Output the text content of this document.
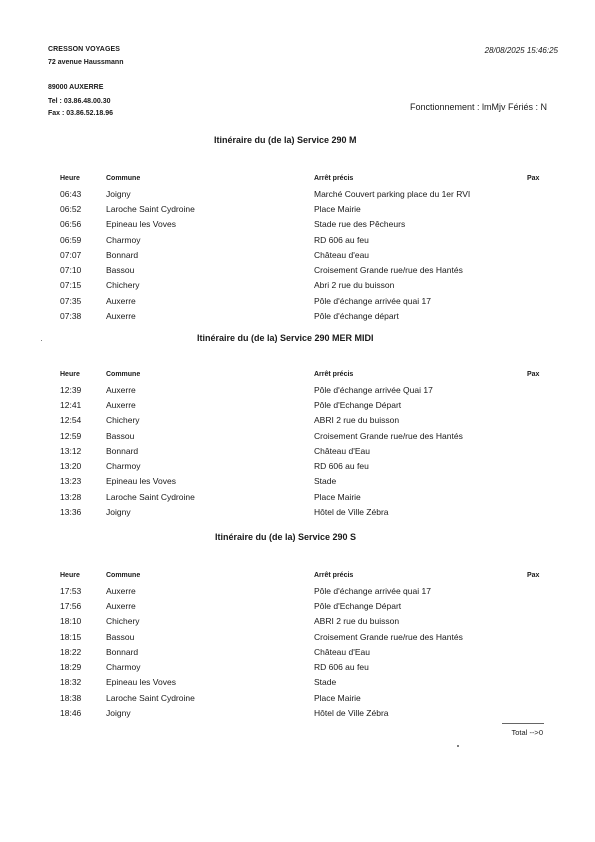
CRESSON VOYAGES
72 avenue Haussmann
89000 AUXERRE
Tel : 03.86.48.00.30
Fax : 03.86.52.18.96
28/08/2025 15:46:25
Fonctionnement : lmMjv Fériés : N
Itinéraire du (de la) Service 290 M
Heure	Commune	Arrêt précis	Pax
06:43	Joigny	Marché Couvert parking place du 1er RVI	
06:52	Laroche Saint Cydroine	Place Mairie	
06:56	Epineau les Voves	Stade rue des Pêcheurs	
06:59	Charmoy	RD 606 au feu	
07:07	Bonnard	Château d'eau	
07:10	Bassou	Croisement Grande rue/rue des Hantés	
07:15	Chichery	Abri 2 rue du buisson	
07:35	Auxerre	Pôle d'échange arrivée quai 17	
07:38	Auxerre	Pôle d'échange départ	
Itinéraire du (de la) Service 290 MER MIDI
Heure	Commune	Arrêt précis	Pax
12:39	Auxerre	Pôle d'échange arrivée Quai 17	
12:41	Auxerre	Pôle d'Echange Départ	
12:54	Chichery	ABRI 2 rue du buisson	
12:59	Bassou	Croisement Grande rue/rue des Hantés	
13:12	Bonnard	Château d'Eau	
13:20	Charmoy	RD 606 au feu	
13:23	Epineau les Voves	Stade	
13:28	Laroche Saint Cydroine	Place Mairie	
13:36	Joigny	Hôtel de Ville Zébra	
Itinéraire du (de la) Service 290 S
Heure	Commune	Arrêt précis	Pax
17:53	Auxerre	Pôle d'échange arrivée quai 17	
17:56	Auxerre	Pôle d'Echange Départ	
18:10	Chichery	ABRI 2 rue du buisson	
18:15	Bassou	Croisement Grande rue/rue des Hantés	
18:22	Bonnard	Château d'Eau	
18:29	Charmoy	RD 606 au feu	
18:32	Epineau les Voves	Stade	
18:38	Laroche Saint Cydroine	Place Mairie	
18:46	Joigny	Hôtel de Ville Zébra	
Total -->0
